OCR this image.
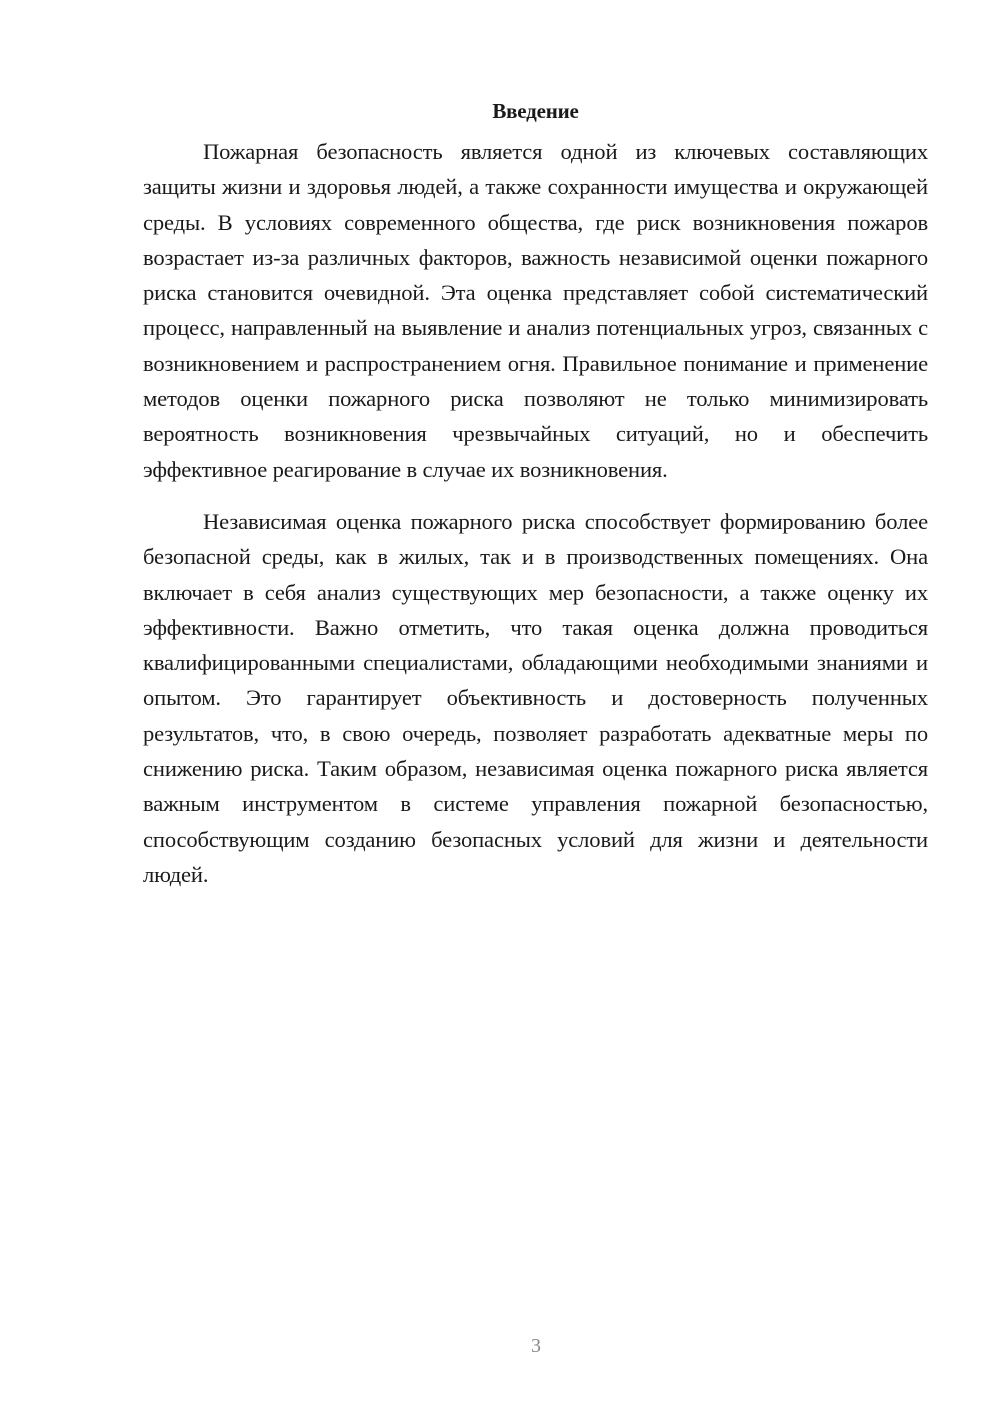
Введение

Пожарная безопасность является одной из ключевых составляющих защиты жизни и здоровья людей, а также сохранности имущества и окружающей среды. В условиях современного общества, где риск возникновения пожаров возрастает из-за различных факторов, важность независимой оценки пожарного риска становится очевидной. Эта оценка представляет собой систематический процесс, направленный на выявление и анализ потенциальных угроз, связанных с возникновением и распространением огня. Правильное понимание и применение методов оценки пожарного риска позволяют не только минимизировать вероятность возникновения чрезвычайных ситуаций, но и обеспечить эффективное реагирование в случае их возникновения.

Независимая оценка пожарного риска способствует формированию более безопасной среды, как в жилых, так и в производственных помещениях. Она включает в себя анализ существующих мер безопасности, а также оценку их эффективности. Важно отметить, что такая оценка должна проводиться квалифицированными специалистами, обладающими необходимыми знаниями и опытом. Это гарантирует объективность и достоверность полученных результатов, что, в свою очередь, позволяет разработать адекватные меры по снижению риска. Таким образом, независимая оценка пожарного риска является важным инструментом в системе управления пожарной безопасностью, способствующим созданию безопасных условий для жизни и деятельности людей.

3
